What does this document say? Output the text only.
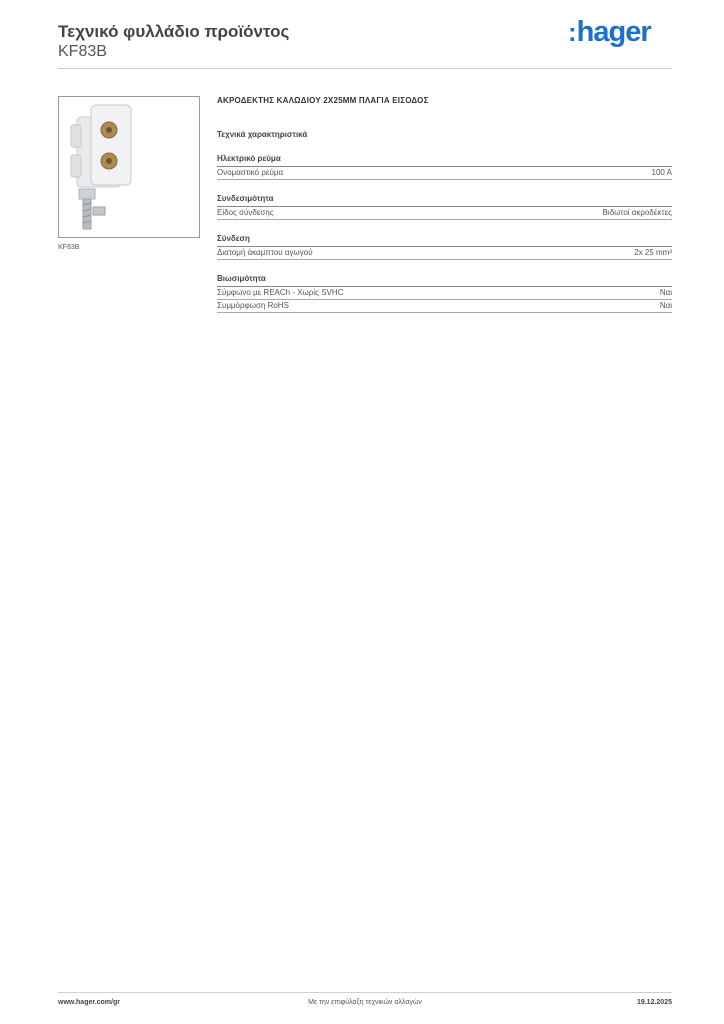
Τεχνικό φυλλάδιο προϊόντος
KF83B
:hager
KF83B
ΑΚΡΟΔΕΚΤΗΣ ΚΑΛΩΔΙΟΥ 2Χ25ΜΜ ΠΛΑΓΙΑ ΕΙΣΟΔΟΣ
Τεχνικά χαρακτηριστικά
Ηλεκτρικό ρεύμα
Ονομαστικό ρεύμα	100 A
Συνδεσιμότητα
Είδος σύνδεσης	Βιδωτοί ακροδέκτες
Σύνδεση
Διατομή άκαμπτου αγωγού	2x 25 mm²
Βιωσιμότητα
Σύμφωνο με REACh - Χωρίς SVHC	Ναι
Συμμόρφωση RoHS	Ναι
www.hager.com/gr	Με την επιφύλαξη τεχνικών αλλαγών	19.12.2025
